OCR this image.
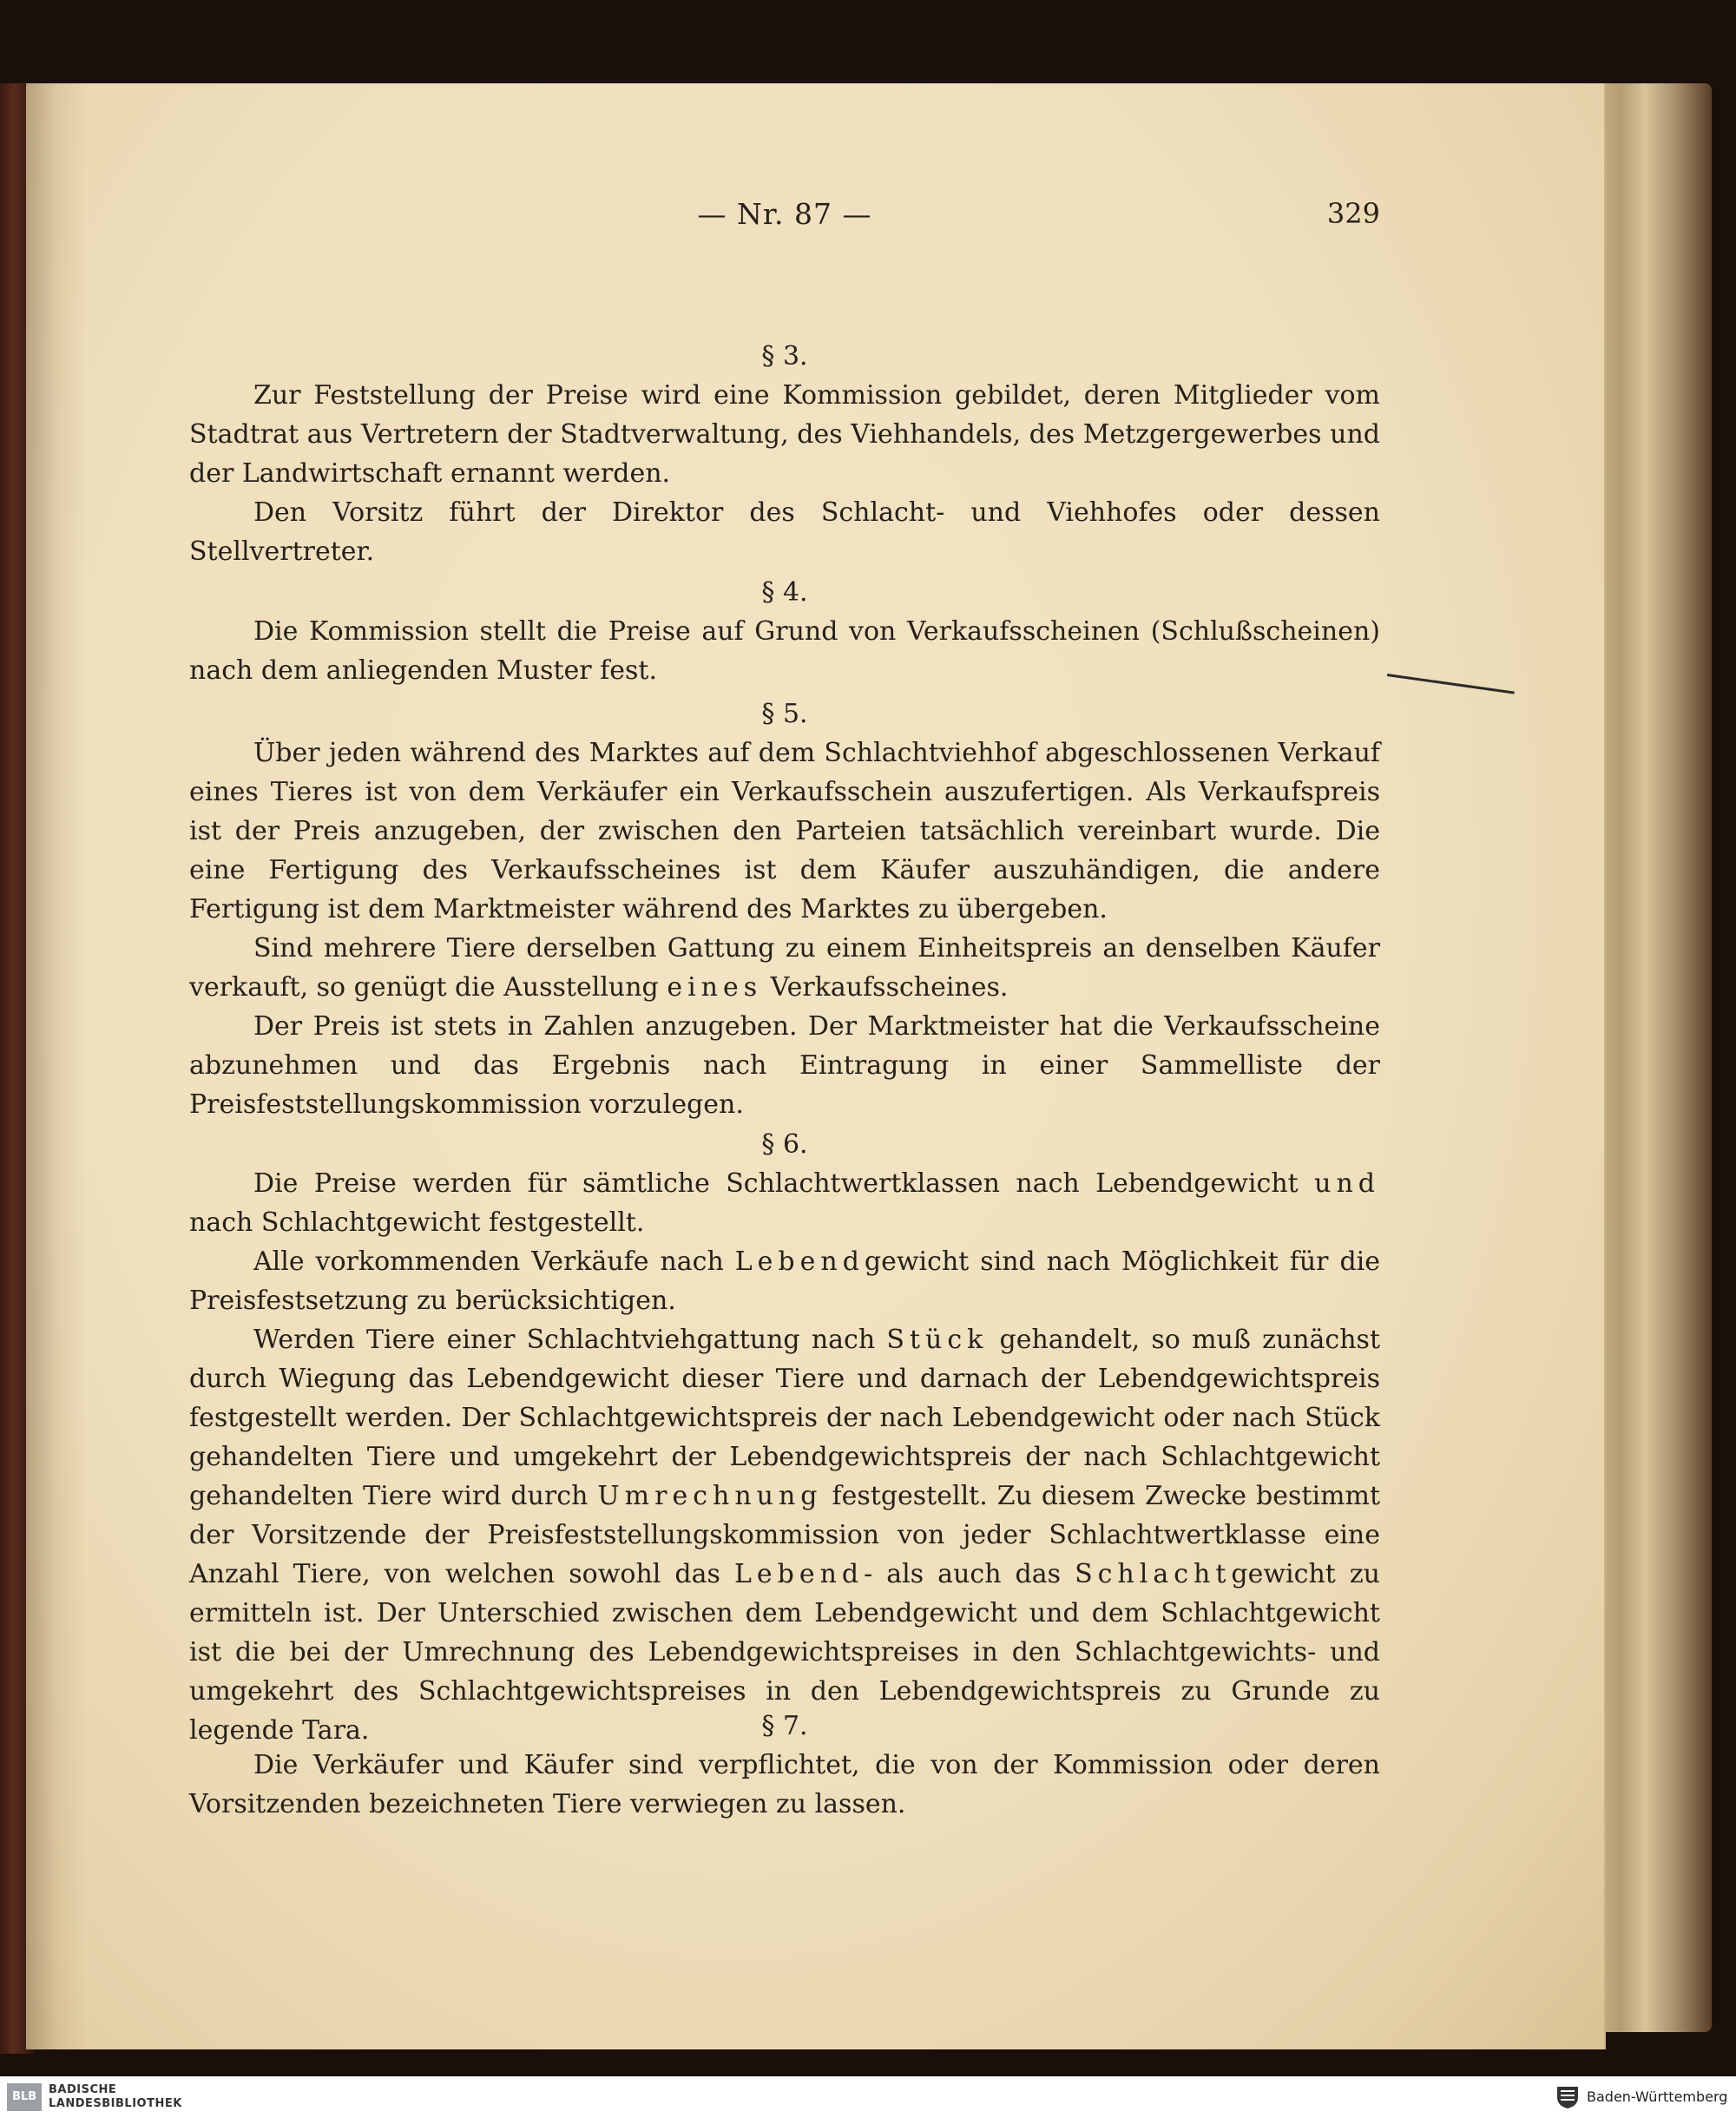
— Nr. 87 —	329
§ 3.

Zur Feststellung der Preise wird eine Kommission gebildet, deren Mitglieder vom Stadtrat aus Vertretern der Stadtverwaltung, des Viehhandels, des Metzgergewerbes und der Landwirtschaft ernannt werden.

Den Vorsitz führt der Direktor des Schlacht- und Viehhofes oder dessen Stellvertreter.

§ 4.

Die Kommission stellt die Preise auf Grund von Verkaufsscheinen (Schlußscheinen) nach dem anliegenden Muster fest.

§ 5.

Über jeden während des Marktes auf dem Schlachtviehhof abgeschlossenen Verkauf eines Tieres ist von dem Verkäufer ein Verkaufsschein auszufertigen. Als Verkaufspreis ist der Preis anzugeben, der zwischen den Parteien tatsächlich vereinbart wurde. Die eine Fertigung des Verkaufsscheines ist dem Käufer auszuhändigen, die andere Fertigung ist dem Marktmeister während des Marktes zu übergeben.

Sind mehrere Tiere derselben Gattung zu einem Einheitspreis an denselben Käufer verkauft, so genügt die Ausstellung eines Verkaufsscheines.

Der Preis ist stets in Zahlen anzugeben. Der Marktmeister hat die Verkaufsscheine abzunehmen und das Ergebnis nach Eintragung in einer Sammelliste der Preisfeststellungskommission vorzulegen.

§ 6.

Die Preise werden für sämtliche Schlachtwertklassen nach Lebendgewicht und nach Schlachtgewicht festgestellt.

Alle vorkommenden Verkäufe nach Lebendgewicht sind nach Möglichkeit für die Preisfestsetzung zu berücksichtigen.

Werden Tiere einer Schlachtviehgattung nach Stück gehandelt, so muß zunächst durch Wiegung das Lebendgewicht dieser Tiere und darnach der Lebendgewichtspreis festgestellt werden. Der Schlachtgewichtspreis der nach Lebendgewicht oder nach Stück gehandelten Tiere und umgekehrt der Lebendgewichtspreis der nach Schlachtgewicht gehandelten Tiere wird durch Umrechnung festgestellt. Zu diesem Zwecke bestimmt der Vorsitzende der Preisfeststellungskommission von jeder Schlachtwertklasse eine Anzahl Tiere, von welchen sowohl das Lebend- als auch das Schlachtgewicht zu ermitteln ist. Der Unterschied zwischen dem Lebendgewicht und dem Schlachtgewicht ist die bei der Umrechnung des Lebendgewichtspreises in den Schlachtgewichts- und umgekehrt des Schlachtgewichtspreises in den Lebendgewichtspreis zu Grunde zu legende Tara.	§ 7.

Die Verkäufer und Käufer sind verpflichtet, die von der Kommission oder deren Vorsitzenden bezeichneten Tiere verwiegen zu lassen.

BLB
BADISCHE
LANDESBIBLIOTHEK	Baden-Württemberg
